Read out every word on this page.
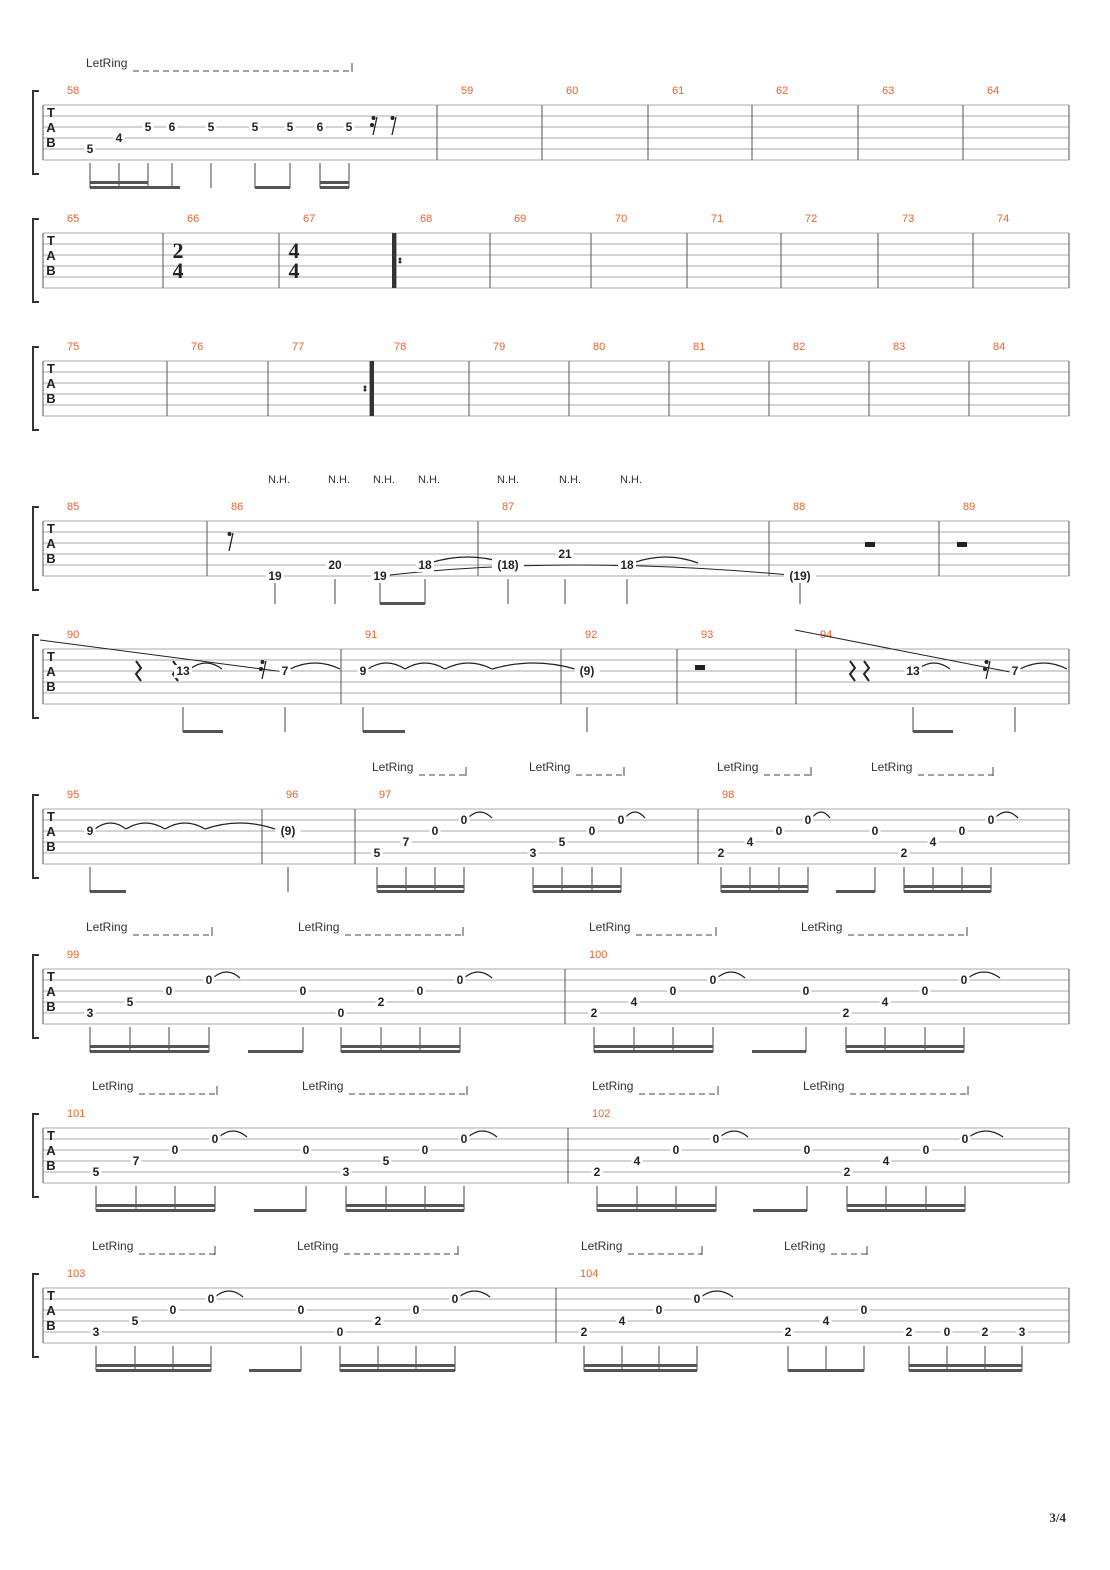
T
A
B
58	59	60	61	62	63	64
T
A
B
65	66	67	68	69	70	71	72	73	74
T
A
B
75	76	77	78	79	80	81	82	83	84
T
A
B
85	86	87	88	89
T
A
B
90	91	92	93	94
T
A
B
95	96	97	98
T
A
B
99	100
T
A
B
101	102
T
A
B
103	104
2
4
4
4
LetRing
LetRing	LetRing	LetRing	LetRing
LetRing	LetRing	LetRing	LetRing
LetRing	LetRing	LetRing	LetRing
LetRing	LetRing	LetRing	LetRing
N.H.	N.H. N.H. N.H.	N.H.	N.H.	N.H.
5
4
5 6	5	5 5 6 5
19
20
19
18	(18)
21
18
(19)
13	7	9	(9)	13	7
9	(9)
5
7
0
0
3
5
0
0
2
4
0
0
0
2
4
0
0
3
5
0
0
0
0
2
0
0
2
4
0
0
0
2
4
0
0
5
7
0
0
0
3
5
0
0
2
4
0
0
0
2
4
0
0
3
5
0
0
0
0
2
0
0
2
4
0
0
2
4
0
2	0	2	3
3/4
